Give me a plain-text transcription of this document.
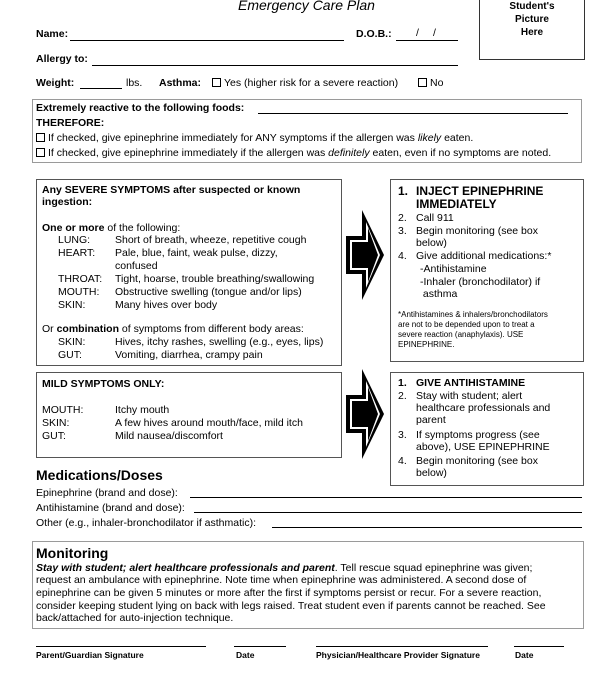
Emergency Care Plan	Student's
Picture
Here
Name:	D.O.B.: / /
Allergy to:
Weight:	lbs. Asthma:	Yes (higher risk for a severe reaction)	No
Extremely reactive to the following foods:
THEREFORE:
If checked, give epinephrine immediately for ANY symptoms if the allergen was likely eaten.
If checked, give epinephrine immediately if the allergen was definitely eaten, even if no symptoms are noted.
Any SEVERE SYMPTOMS after suspected or known
ingestion:
One or more of the following:
LUNG: Short of breath, wheeze, repetitive cough
HEART: Pale, blue, faint, weak pulse, dizzy,
confused
THROAT: Tight, hoarse, trouble breathing/swallowing
MOUTH: Obstructive swelling (tongue and/or lips)
SKIN:	Many hives over body
Or combination of symptoms from different body areas:
SKIN:	Hives, itchy rashes, swelling (e.g., eyes, lips)
GUT:	Vomiting, diarrhea, crampy pain
1. INJECT EPINEPHRINE
IMMEDIATELY
2. Call 911
3. Begin monitoring (see box
below)
4. Give additional medications:*
-Antihistamine
-Inhaler (bronchodilator) if
asthma
*Antihistamines & inhalers/bronchodilators
are not to be depended upon to treat a
severe reaction (anaphylaxis). USE
EPINEPHRINE.
MILD SYMPTOMS ONLY:
MOUTH:	Itchy mouth
SKIN:	A few hives around mouth/face, mild itch
GUT:	Mild nausea/discomfort
1. GIVE ANTIHISTAMINE
2. Stay with student; alert
healthcare professionals and
parent
3. If symptoms progress (see
above), USE EPINEPHRINE
4. Begin monitoring (see box
below)
Medications/Doses
Epinephrine (brand and dose):
Antihistamine (brand and dose):
Other (e.g., inhaler-bronchodilator if asthmatic):
Monitoring
Stay with student; alert healthcare professionals and parent. Tell rescue squad epinephrine was given;
request an ambulance with epinephrine. Note time when epinephrine was administered. A second dose of
epinephrine can be given 5 minutes or more after the first if symptoms persist or recur. For a severe reaction,
consider keeping student lying on back with legs raised. Treat student even if parents cannot be reached. See
back/attached for auto-injection technique.
Parent/Guardian Signature	Date	Physician/Healthcare Provider Signature	Date
